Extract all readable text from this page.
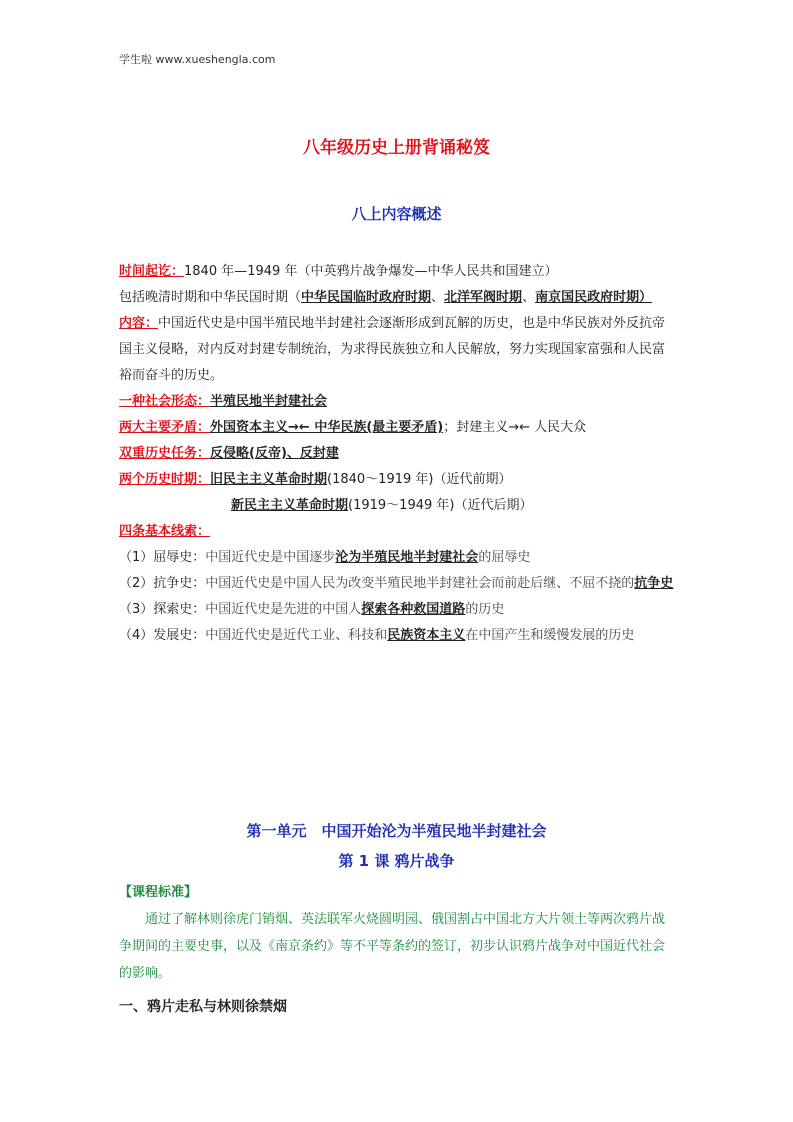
学生啦 www.xueshengla.com
八年级历史上册背诵秘笈
八上内容概述
时间起讫：1840 年—1949 年（中英鸦片战争爆发—中华人民共和国建立）
包括晚清时期和中华民国时期（中华民国临时政府时期、北洋军阀时期、南京国民政府时期）
内容：中国近代史是中国半殖民地半封建社会逐渐形成到瓦解的历史，也是中华民族对外反抗帝国主义侵略，对内反对封建专制统治，为求得民族独立和人民解放，努力实现国家富强和人民富裕而奋斗的历史。
一种社会形态：半殖民地半封建社会
两大主要矛盾：外国资本主义→← 中华民族(最主要矛盾)；封建主义→← 人民大众
双重历史任务：反侵略(反帝)、反封建
两个历史时期：旧民主主义革命时期(1840～1919 年)（近代前期）
新民主主义革命时期(1919～1949 年)（近代后期）
四条基本线索：
（1）屈辱史：中国近代史是中国逐步沦为半殖民地半封建社会的屈辱史
（2）抗争史：中国近代史是中国人民为改变半殖民地半封建社会而前赴后继、不屈不挠的抗争史
（3）探索史：中国近代史是先进的中国人探索各种救国道路的历史
（4）发展史：中国近代史是近代工业、科技和民族资本主义在中国产生和缓慢发展的历史
第一单元　中国开始沦为半殖民地半封建社会
第 1 课 鸦片战争
【课程标准】
通过了解林则徐虎门销烟、英法联军火烧圆明园、俄国割占中国北方大片领土等两次鸦片战争期间的主要史事，以及《南京条约》等不平等条约的签订，初步认识鸦片战争对中国近代社会的影响。
一、鸦片走私与林则徐禁烟
